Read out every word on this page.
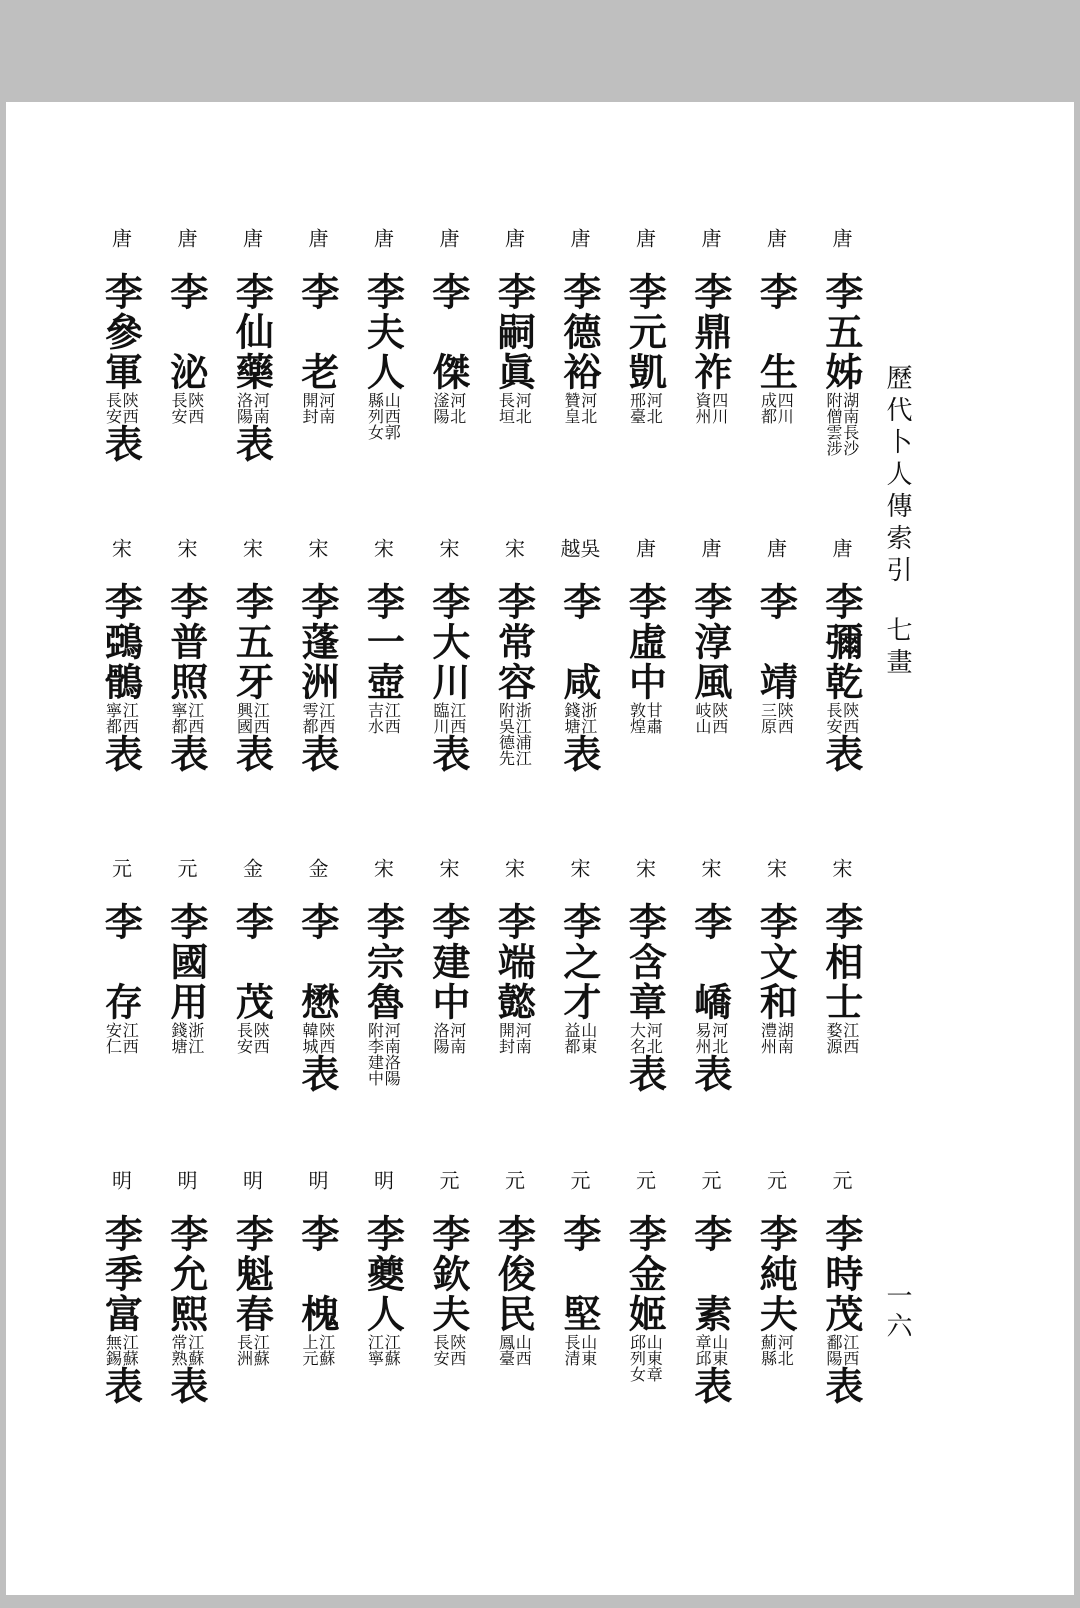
歷代卜人傳索引七畫
一六
唐
李五姊
湖南長沙
附僧雲涉
唐
李　生
四川
成都
唐
李鼎祚
四川
資州
唐
李元凱
河北
邢臺
唐
李德裕
河北
贊皇
唐
李嗣眞
河北
長垣
唐
李　傑
河北
滏陽
唐
李夫人
山西郭
縣列女
唐
李　老
河南
開封
唐
李仙藥
河南
洛陽
表
唐
李　泌
陝西
長安
唐
李參軍
陝西
長安
表
唐
李彌乾
陝西
長安
表
唐
李　靖
陝西
三原
唐
李淳風
陝西
岐山
唐
李虛中
甘肅
敦煌
吳越
李　咸
浙江
錢塘
表
宋
李常容
浙江浦江
附吳德先
宋
李大川
江西
臨川
表
宋
李一壺
江西
吉水
宋
李蓬洲
江西
雩都
表
宋
李五牙
江西
興國
表
宋
李普照
江西
寧都
表
宋
李鵶鶻
江西
寧都
表
宋
李相士
江西
婺源
宋
李文和
湖南
澧州
宋
李　嶠
河北
易州
表
宋
李含章
河北
大名
表
宋
李之才
山東
益都
宋
李端懿
河南
開封
宋
李建中
河南
洛陽
宋
李宗魯
河南洛陽
附李建中
金
李　懋
陝西
韓城
表
金
李　茂
陝西
長安
元
李國用
浙江
錢塘
元
李　存
江西
安仁
元
李時茂
江西
鄱陽
表
元
李純夫
河北
薊縣
元
李　素
山東
章邱
表
元
李金姬
山東章
邱列女
元
李　堅
山東
長清
元
李俊民
山西
鳳臺
元
李欽夫
陝西
長安
明
李夔人
江蘇
江寧
明
李　槐
江蘇
上元
明
李魁春
江蘇
長洲
明
李允熙
江蘇
常熟
表
明
李季富
江蘇
無錫
表
